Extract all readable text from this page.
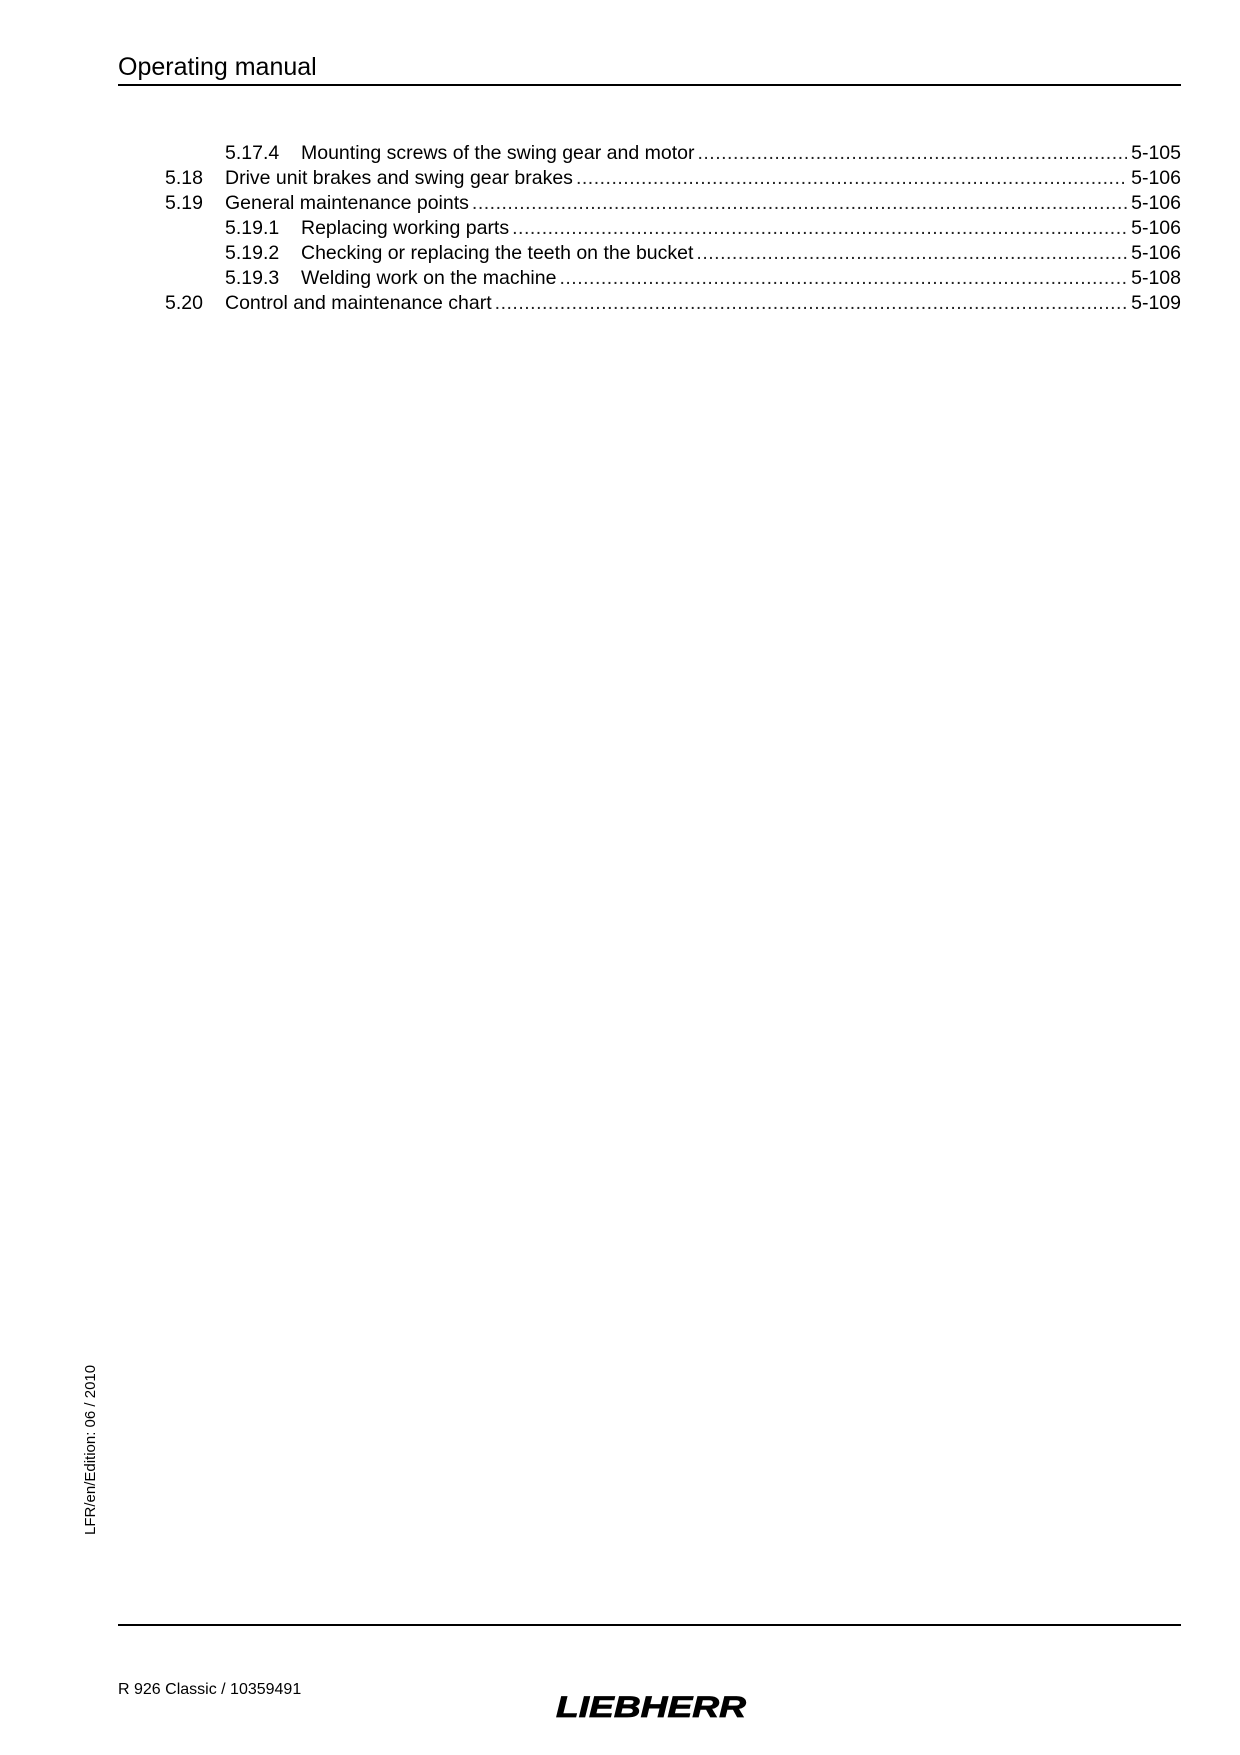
Operating manual
5.17.4 Mounting screws of the swing gear and motor .....	5-105
5.18 Drive unit brakes and swing gear brakes .....	5-106
5.19 General maintenance points .....	5-106
5.19.1 Replacing working parts .....	5-106
5.19.2 Checking or replacing the teeth on the bucket .....	5-106
5.19.3 Welding work on the machine .....	5-108
5.20 Control and maintenance chart .....	5-109
LFR/en/Edition: 06 / 2010
R 926 Classic / 10359491
LIEBHERR
